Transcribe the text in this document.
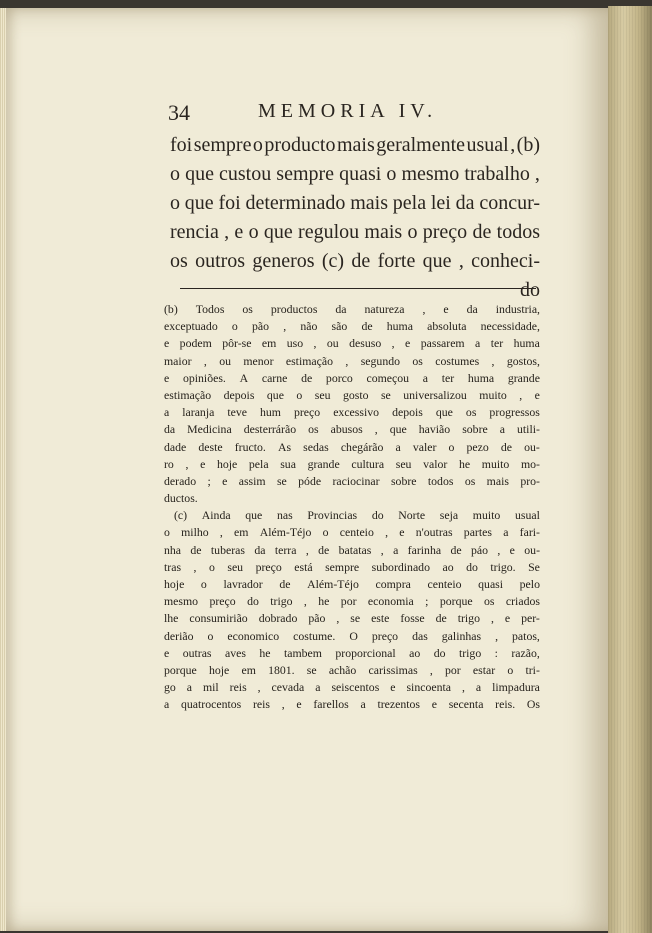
34	MEMORIA IV.
foi sempre o producto mais geralmente usual , (b)
o que custou sempre quasi o mesmo trabalho ,
o que foi determinado mais pela lei da concur-
rencia , e o que regulou mais o preço de todos
os outros generos (c) de forte que , conheci-
do
(b) Todos os productos da natureza , e da industria,
exceptuado o pão , não são de huma absoluta necessidade,
e podem pôr-se em uso , ou desuso , e passarem a ter huma
maior , ou menor estimação , segundo os costumes , gostos,
e opiniões. A carne de porco começou a ter huma grande
estimação depois que o seu gosto se universalizou muito , e
a laranja teve hum preço excessivo depois que os progressos
da Medicina desterrárão os abusos , que havião sobre a utili-
dade deste fructo. As sedas chegárão a valer o pezo de ou-
ro , e hoje pela sua grande cultura seu valor he muito mo-
derado ; e assim se póde raciocinar sobre todos os mais pro-
ductos.
(c) Ainda que nas Provincias do Norte seja muito usual
o milho , em Além-Téjo o centeio , e n'outras partes a fari-
nha de tuberas da terra , de batatas , a farinha de páo , e ou-
tras , o seu preço está sempre subordinado ao do trigo. Se
hoje o lavrador de Além-Téjo compra centeio quasi pelo
mesmo preço do trigo , he por economia ; porque os criados
lhe consumirião dobrado pão , se este fosse de trigo , e per-
derião o economico costume. O preço das galinhas , patos,
e outras aves he tambem proporcional ao do trigo : razão,
porque hoje em 1801. se achão carissimas , por estar o tri-
go a mil reis , cevada a seiscentos e sincoenta , a limpadura
a quatrocentos reis , e farellos a trezentos e secenta reis. Os
